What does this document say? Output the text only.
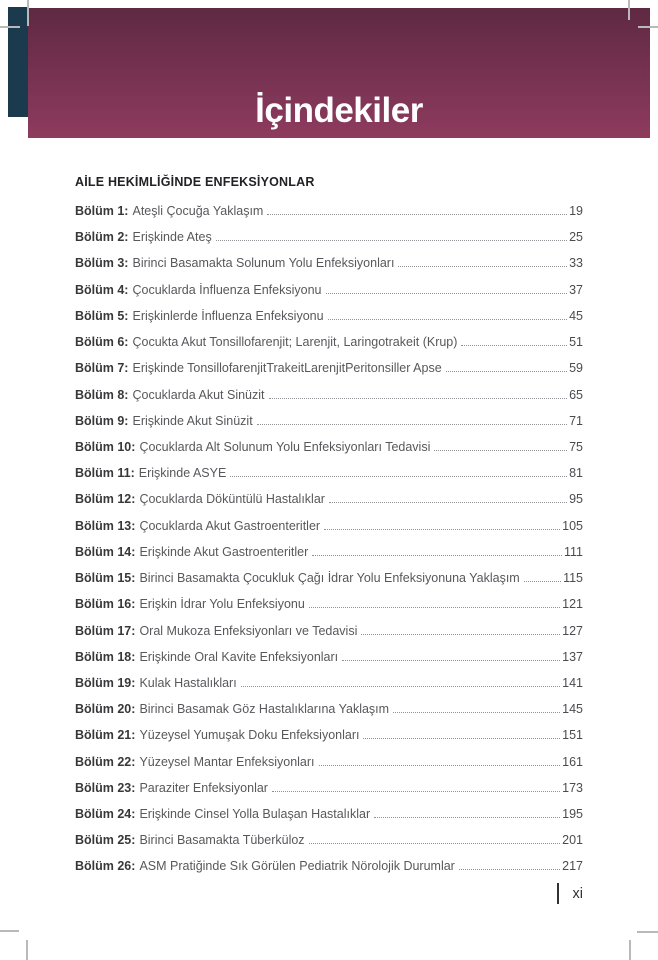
İçindekiler
AİLE HEKİMLİĞİNDE ENFEKSİYONLAR
Bölüm 1: Ateşli Çocuğa Yaklaşım	19
Bölüm 2: Erişkinde Ateş	25
Bölüm 3: Birinci Basamakta Solunum Yolu Enfeksiyonları	33
Bölüm 4: Çocuklarda İnfluenza Enfeksiyonu	37
Bölüm 5: Erişkinlerde İnfluenza Enfeksiyonu	45
Bölüm 6: Çocukta Akut Tonsillofarenjit; Larenjit, Laringotrakeit (Krup)	51
Bölüm 7: Erişkinde TonsillofarenjitTrakeitLarenjitPeritonsiller Apse	59
Bölüm 8: Çocuklarda Akut Sinüzit	65
Bölüm 9: Erişkinde Akut Sinüzit	71
Bölüm 10: Çocuklarda Alt Solunum Yolu Enfeksiyonları Tedavisi	75
Bölüm 11: Erişkinde ASYE	81
Bölüm 12: Çocuklarda Döküntülü Hastalıklar	95
Bölüm 13: Çocuklarda Akut Gastroenteritler	105
Bölüm 14: Erişkinde Akut Gastroenteritler	111
Bölüm 15: Birinci Basamakta Çocukluk Çağı İdrar Yolu Enfeksiyonuna Yaklaşım	115
Bölüm 16: Erişkin İdrar Yolu Enfeksiyonu	121
Bölüm 17: Oral Mukoza Enfeksiyonları ve Tedavisi	127
Bölüm 18: Erişkinde Oral Kavite Enfeksiyonları	137
Bölüm 19: Kulak Hastalıkları	141
Bölüm 20: Birinci Basamak Göz Hastalıklarına Yaklaşım	145
Bölüm 21: Yüzeysel Yumuşak Doku Enfeksiyonları	151
Bölüm 22: Yüzeysel Mantar Enfeksiyonları	161
Bölüm 23: Paraziter Enfeksiyonlar	173
Bölüm 24: Erişkinde Cinsel Yolla Bulaşan Hastalıklar	195
Bölüm 25: Birinci Basamakta Tüberküloz	201
Bölüm 26: ASM Pratiğinde Sık Görülen Pediatrik Nörolojik Durumlar	217
xi
